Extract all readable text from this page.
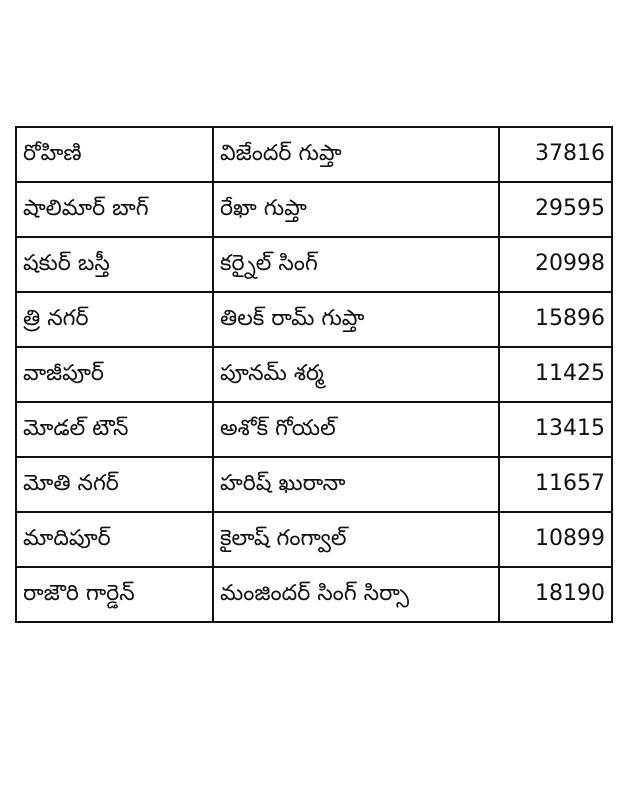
రోహిణి	విజేందర్ గుప్తా	37816
షాలిమార్ బాగ్	రేఖా గుప్తా	29595
షకుర్ బస్తీ	కర్నైల్ సింగ్	20998
త్రి నగర్	తిలక్ రామ్ గుప్తా	15896
వాజీపూర్	పూనమ్ శర్మ	11425
మోడల్ టౌన్	అశోక్ గోయల్	13415
మోతి నగర్	హరిష్ ఖురానా	11657
మాదిపూర్	కైలాష్ గంగ్వాల్	10899
రాజౌరి గార్డెన్	మంజిందర్ సింగ్ సిర్సా	18190
